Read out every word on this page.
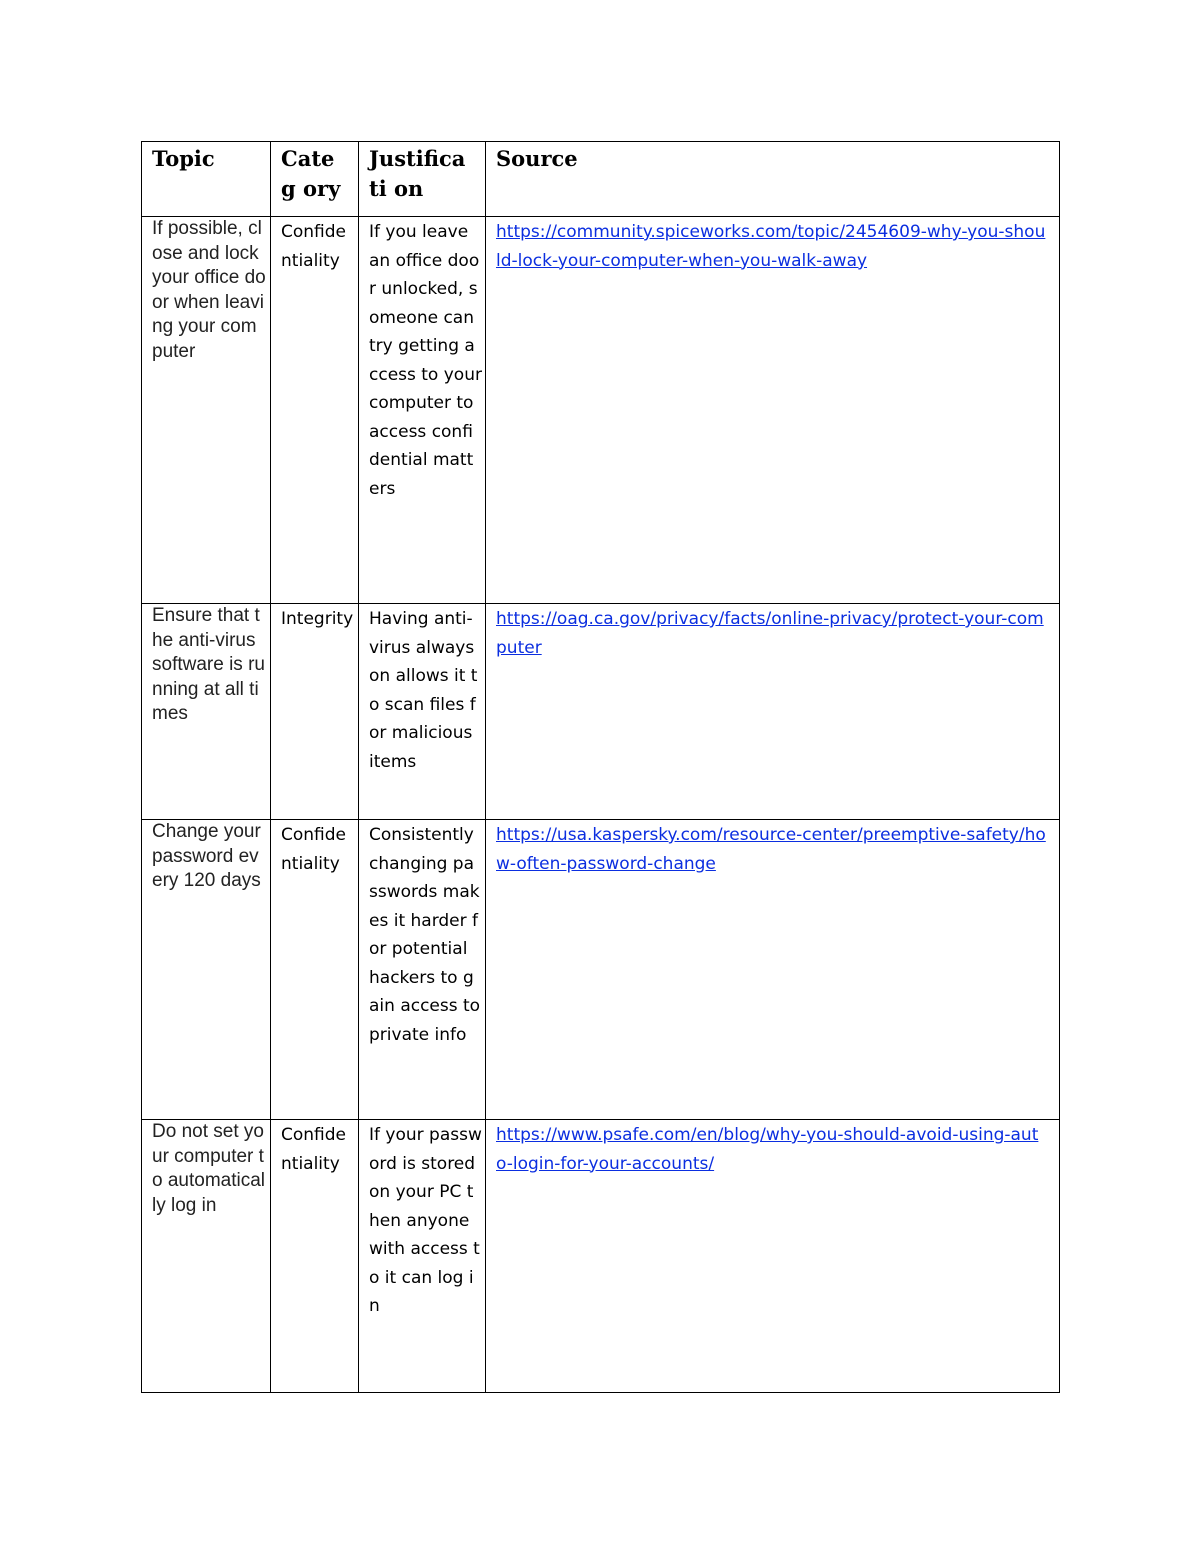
Topic	Categ ory	Justificati on	Source

If possible, close and lock your office door when leaving your computer	Confidentiality	If you leave an office door unlocked, someone can try getting access to your computer to access confidential matters	https://community.spiceworks.com/topic/2454609-why-you-should-lock-your-computer-when-you-walk-away

Ensure that the anti-virus software is running at all times	Integrity	Having anti-virus always on allows it to scan files for malicious items	https://oag.ca.gov/privacy/facts/online-privacy/protect-your-computer

Change your password every 120 days	Confidentiality	Consistently changing passwords makes it harder for potential hackers to gain access to private info	https://usa.kaspersky.com/resource-center/preemptive-safety/how-often-password-change

Do not set your computer to automatically log in	Confidentiality	If your password is stored on your PC then anyone with access to it can log in	https://www.psafe.com/en/blog/why-you-should-avoid-using-auto-login-for-your-accounts/
